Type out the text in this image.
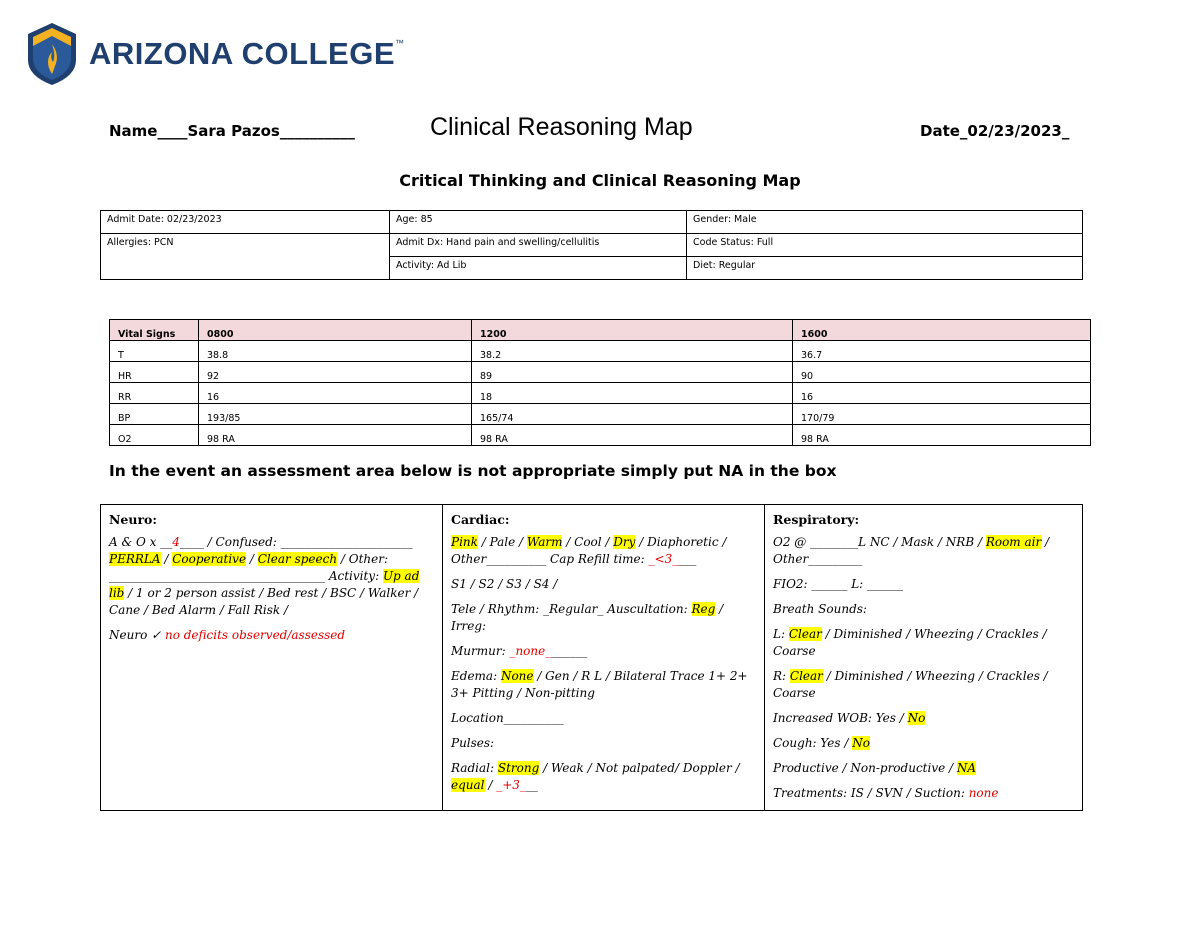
ARIZONA COLLEGE™
Name____Sara Pazos__________	Clinical Reasoning Map	Date_02/23/2023_
Critical Thinking and Clinical Reasoning Map
Admit Date: 02/23/2023	Age: 85	Gender: Male
Allergies: PCN	Admit Dx: Hand pain and swelling/cellulitis	Code Status: Full
	Activity: Ad Lib	Diet: Regular
Vital Signs	0800	1200	1600
T	38.8	38.2	36.7
HR	92	89	90
RR	16	18	16
BP	193/85	165/74	170/79
O2	98 RA	98 RA	98 RA
In the event an assessment area below is not appropriate simply put NA in the box
Neuro:
A & O x __4____ / Confused: ______________________ PERRLA / Cooperative / Clear speech / Other: ____________________________________ Activity: Up ad lib / 1 or 2 person assist / Bed rest / BSC / Walker / Cane / Bed Alarm / Fall Risk /
Neuro ✓ no deficits observed/assessed

Cardiac:
Pink / Pale / Warm / Cool / Dry / Diaphoretic / Other__________ Cap Refill time: _<3____
S1 / S2 / S3 / S4 /
Tele / Rhythm: _Regular_ Auscultation: Reg / Irreg:
Murmur: _none_______
Edema: None / Gen / R L / Bilateral Trace 1+ 2+ 3+ Pitting / Non-pitting
Location__________
Pulses:
Radial: Strong / Weak / Not palpated/ Doppler / equal / _+3___

Respiratory:
O2 @ ________L NC / Mask / NRB / Room air / Other_________
FIO2: ______ L: ______
Breath Sounds:
L: Clear / Diminished / Wheezing / Crackles / Coarse
R: Clear / Diminished / Wheezing / Crackles / Coarse
Increased WOB: Yes / No
Cough: Yes / No
Productive / Non-productive / NA
Treatments: IS / SVN / Suction: none
